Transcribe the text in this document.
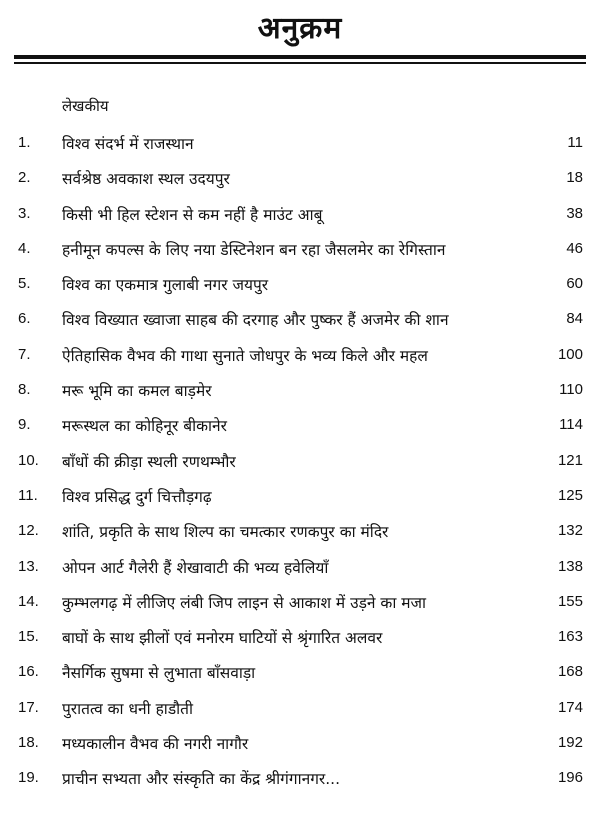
अनुक्रम
लेखकीय
1.	विश्व संदर्भ में राजस्थान	11
2.	सर्वश्रेष्ठ अवकाश स्थल उदयपुर	18
3.	किसी भी हिल स्टेशन से कम नहीं है माउंट आबू	38
4.	हनीमून कपल्स के लिए नया डेस्टिनेशन बन रहा जैसलमेर का रेगिस्तान	46
5.	विश्व का एकमात्र गुलाबी नगर जयपुर	60
6.	विश्व विख्यात ख्वाजा साहब की दरगाह और पुष्कर हैं अजमेर की शान	84
7.	ऐतिहासिक वैभव की गाथा सुनाते जोधपुर के भव्य किले और महल	100
8.	मरू भूमि का कमल बाड़मेर	110
9.	मरूस्थल का कोहिनूर बीकानेर	114
10.	बाँधों की क्रीड़ा स्थली रणथम्भौर	121
11.	विश्व प्रसिद्ध दुर्ग चित्तौड़गढ़	125
12.	शांति, प्रकृति के साथ शिल्प का चमत्कार रणकपुर का मंदिर	132
13.	ओपन आर्ट गैलेरी हैं शेखावाटी की भव्य हवेलियाँ	138
14.	कुम्भलगढ़ में लीजिए लंबी जिप लाइन से आकाश में उड़ने का मजा	155
15.	बाघों के साथ झीलों एवं मनोरम घाटियों से श्रृंगारित अलवर	163
16.	नैसर्गिक सुषमा से लुभाता बाँसवाड़ा	168
17.	पुरातत्व का धनी हाडौती	174
18.	मध्यकालीन वैभव की नगरी नागौर	192
19.	प्राचीन सभ्यता और संस्कृति का केंद्र श्रीगंगानगर...	196
